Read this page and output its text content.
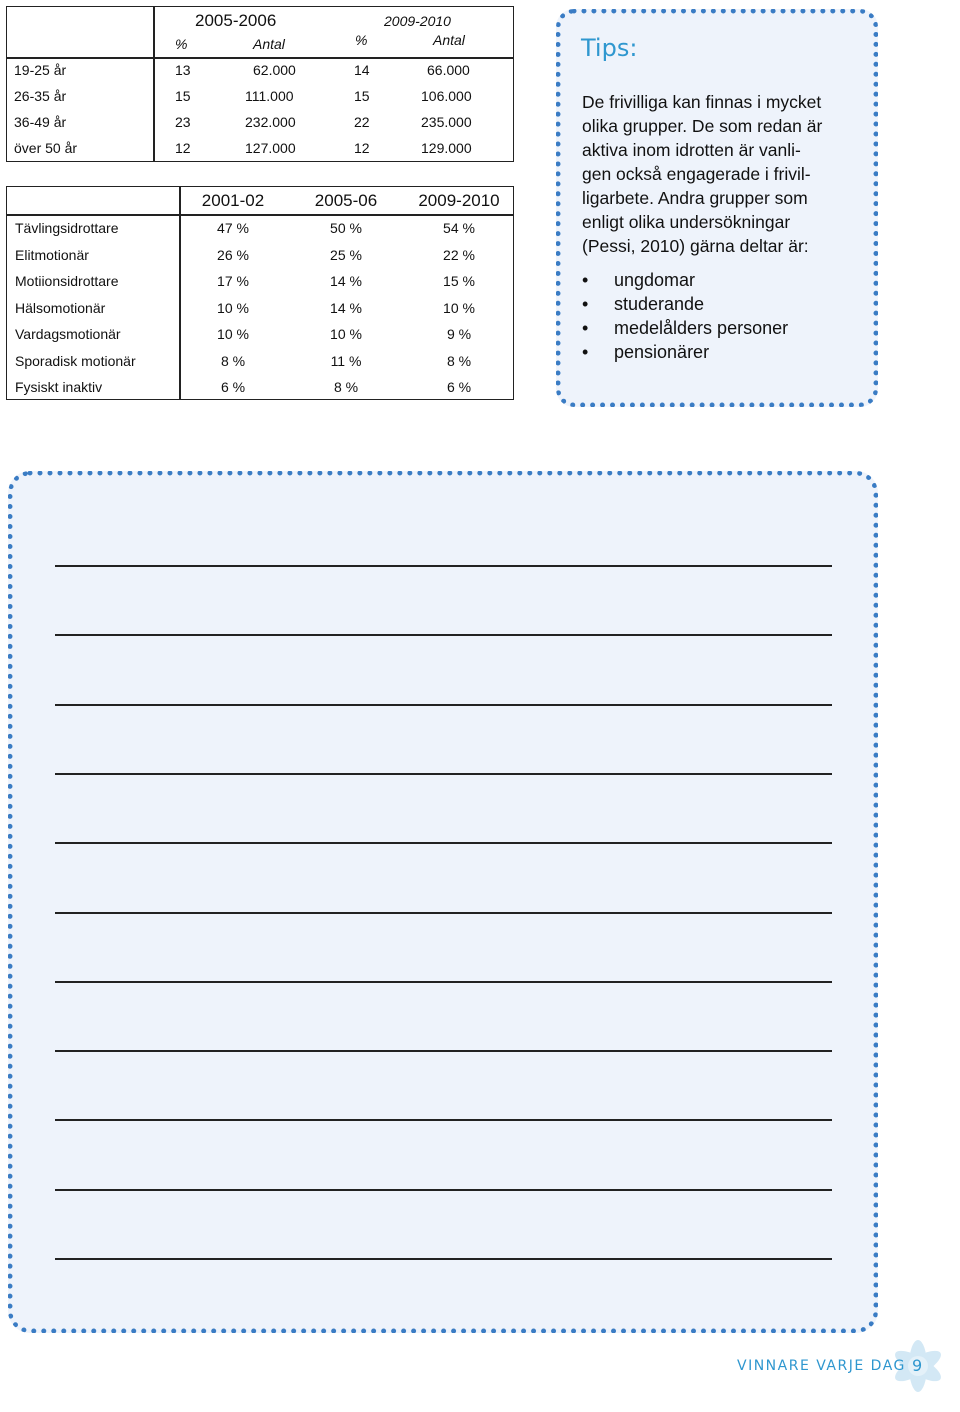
2005-2006	2009-2010
%	Antal	%	Antal
19-25 år	13	62.000	14	66.000
26-35 år	15	111.000	15	106.000
36-49 år	23	232.000	22	235.000
över 50 år	12	127.000	12	129.000
2001-02	2005-06	2009-2010
Tävlingsidrottare	47 %	50 %	54 %
Elitmotionär	26 %	25 %	22 %
Motiionsidrottare	17 %	14 %	15 %
Hälsomotionär	10 %	14 %	10 %
Vardagsmotionär	10 %	10 %	9 %
Sporadisk motionär	8 %	11 %	8 %
Fysiskt inaktiv	6 %	8 %	6 %
Tips:
De frivilliga kan finnas i mycket
olika grupper. De som redan är
aktiva inom idrotten är vanli-
gen också engagerade i frivil-
ligarbete. Andra grupper som
enligt olika undersökningar
(Pessi, 2010) gärna deltar är:
• ungdomar
• studerande
• medelålders personer
• pensionärer
VINNARE VARJE DAG 9
